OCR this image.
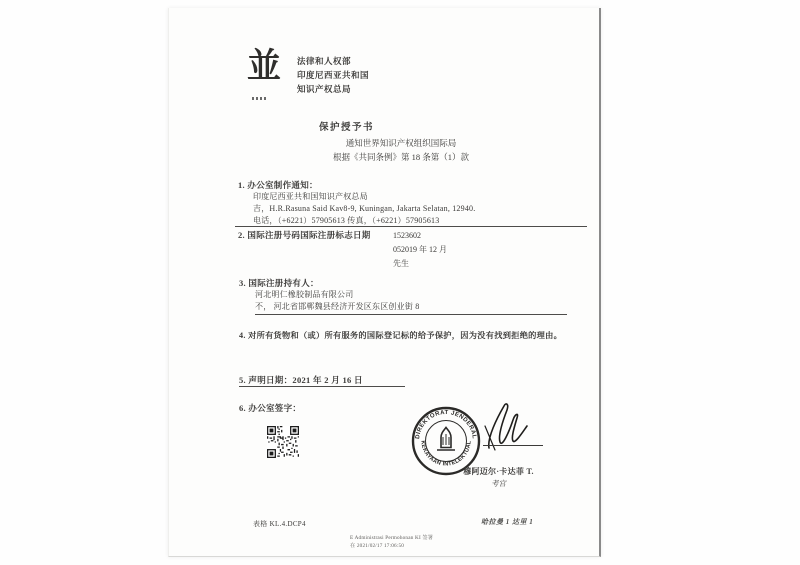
並 法律和人权部
印度尼西亚共和国
知识产权总局
保护授予书
通知世界知识产权组织国际局
根据《共同条例》第 18 条第（1）款
1. 办公室制作通知：
印度尼西亚共和国知识产权总局
吉，H.R.Rasuna Said Kav8-9, Kuningan, Jakarta Selatan, 12940.
电话，（+6221）57905613 传真，（+6221）57905613
2. 国际注册号码国际注册标志日期	1523602
052019 年 12 月
先生
3. 国际注册持有人：
河北明仁橡胶制品有限公司
不， 河北省邯郸魏县经济开发区东区创业街 8
4. 对所有货物和（或）所有服务的国际登记标的给予保护，因为没有找到拒绝的理由。
5. 声明日期：2021 年 2 月 16 日
6. 办公室签字：
DIREKTORAT JENDERAL
KEKAYAAN INTELEKTUAL
穆阿迈尔·卡达菲 T.
考官
表格 KL.4.DCP4	哈拉曼 1 达里 1
E Administrasi Permohonan KI 签署
在 2021/02/17 17:06:50
